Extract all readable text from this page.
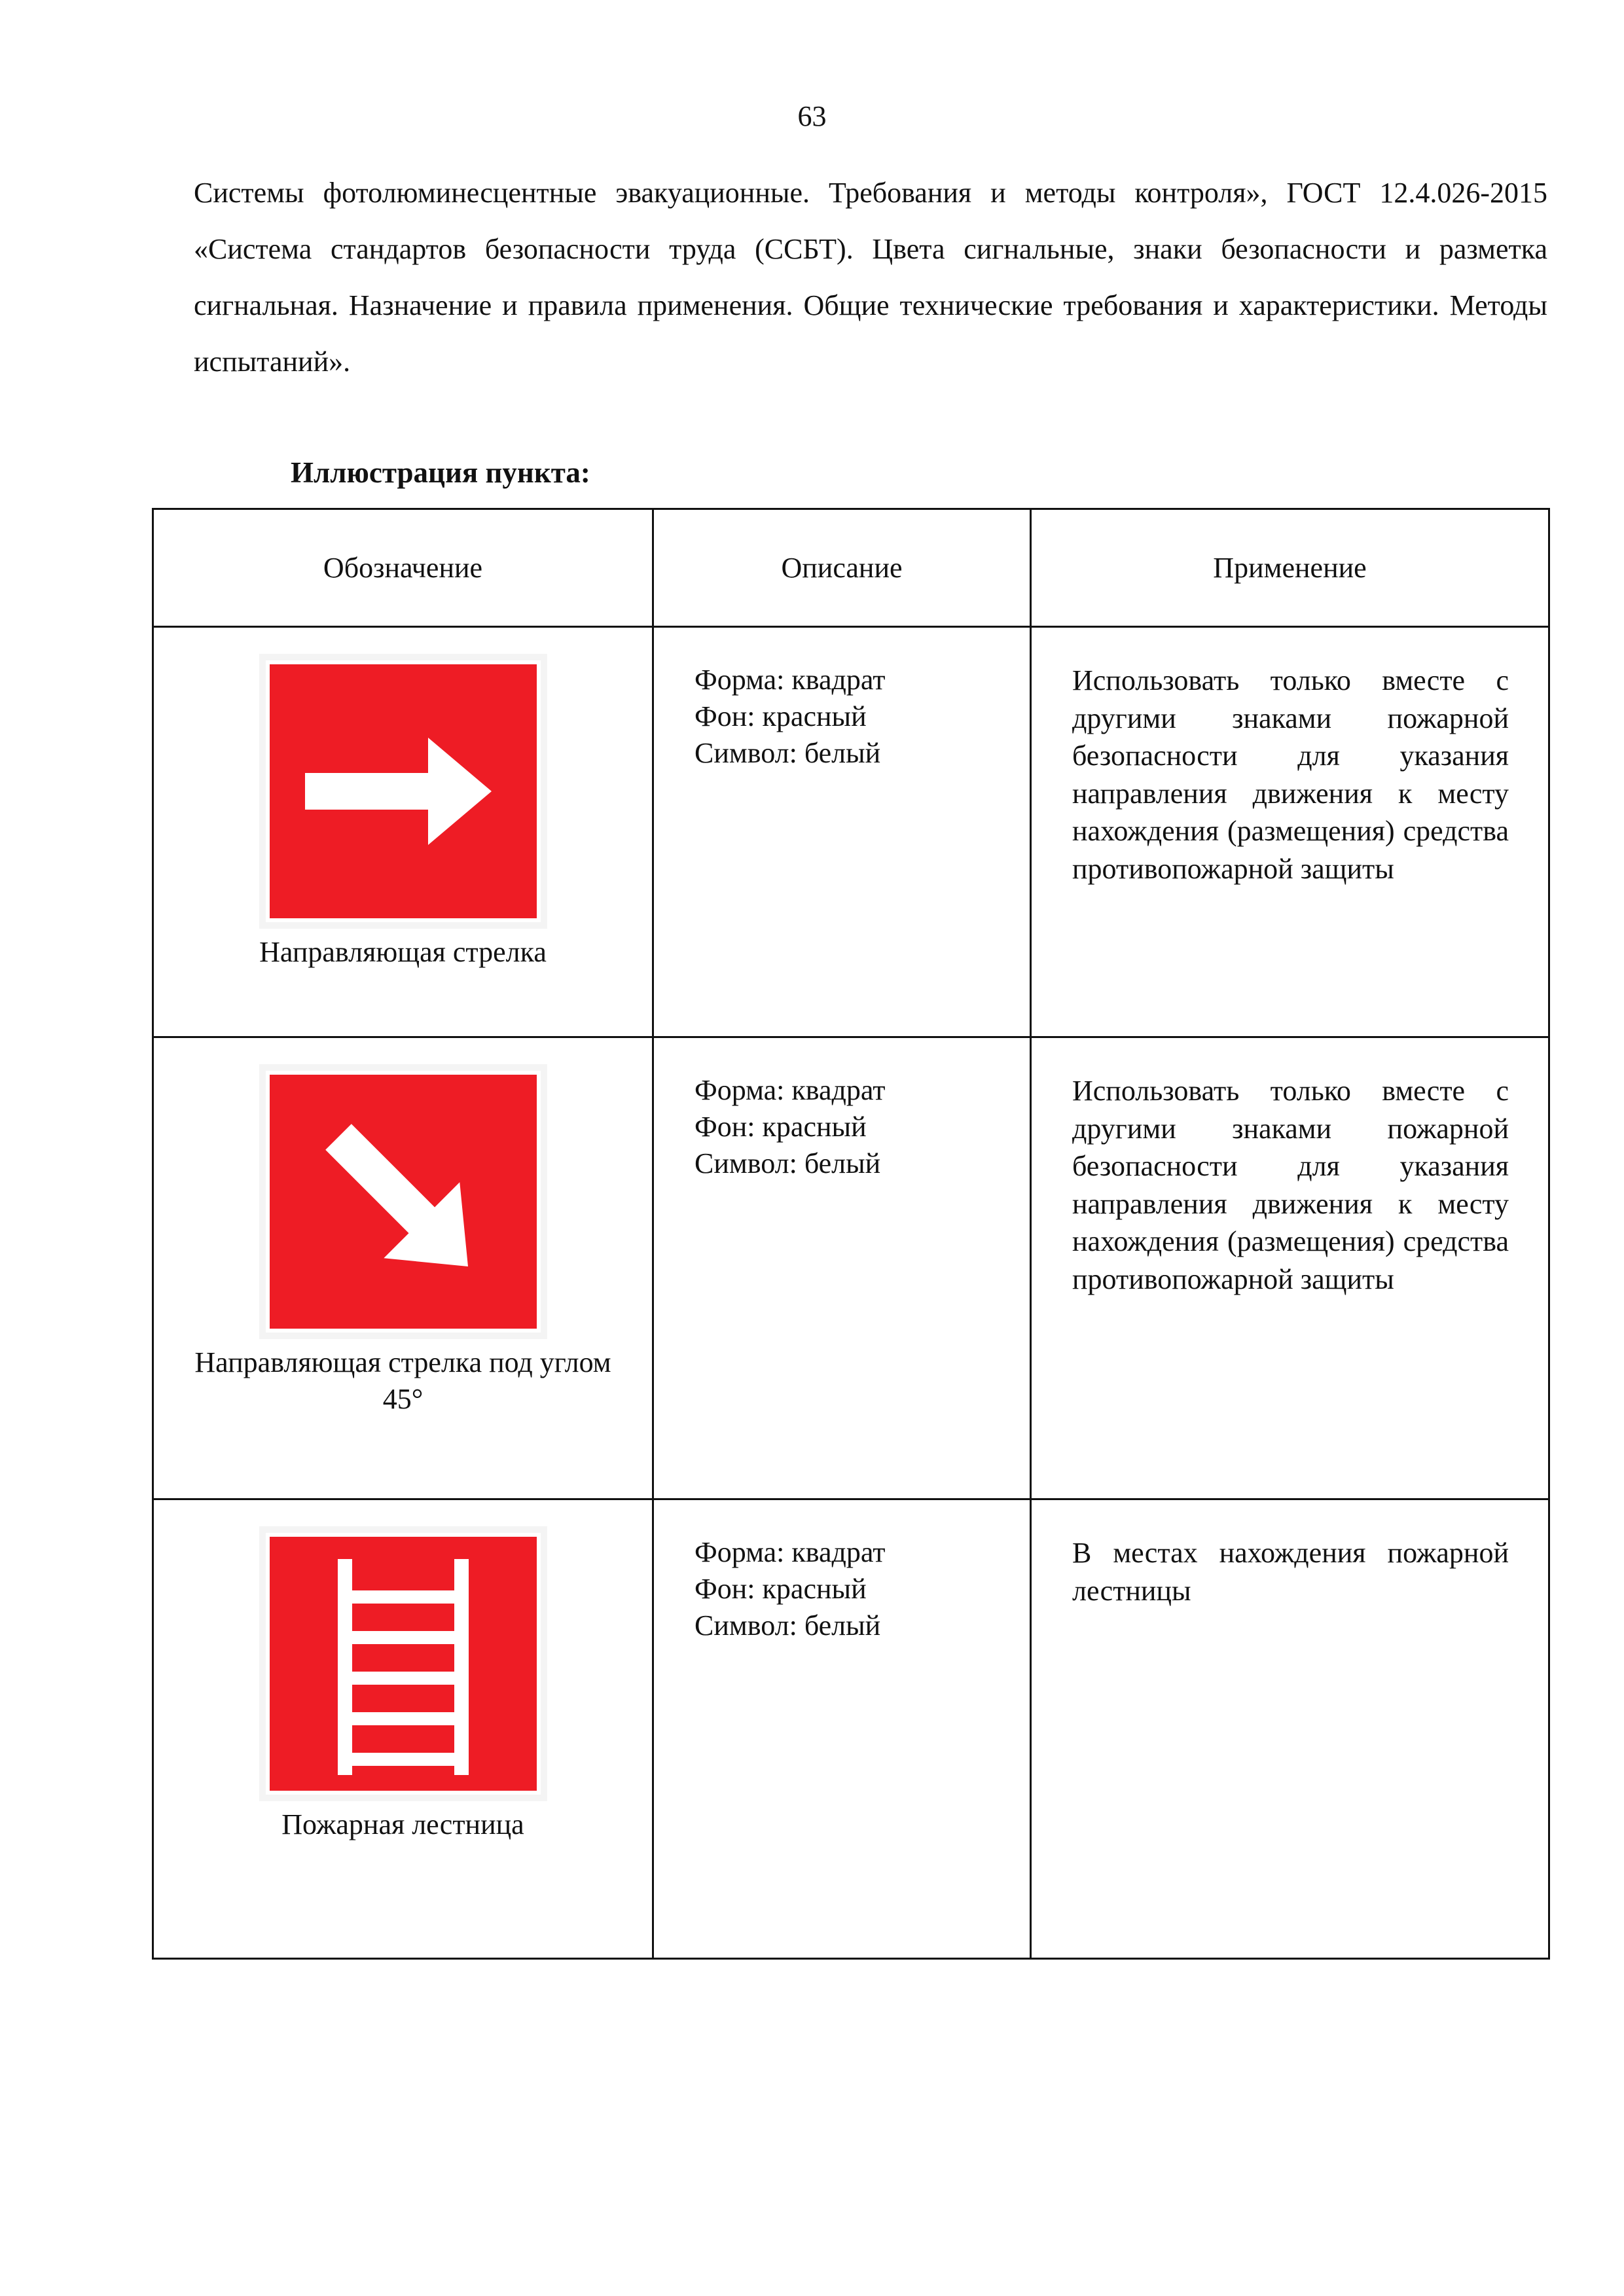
63

Системы фотолюминесцентные эвакуационные. Требования и методы контроля», ГОСТ 12.4.026-2015 «Система стандартов безопасности труда (ССБТ). Цвета сигнальные, знаки безопасности и разметка сигнальная. Назначение и правила применения. Общие технические требования и характеристики. Методы испытаний».

Иллюстрация пункта:

Обозначение	Описание	Применение

Направляющая стрелка	Форма: квадрат
Фон: красный
Символ: белый	Использовать только вместе с другими знаками пожарной безопасности для указания направления движения к месту нахождения (размещения) средства противопожарной защиты

Направляющая стрелка под углом 45°	Форма: квадрат
Фон: красный
Символ: белый	Использовать только вместе с другими знаками пожарной безопасности для указания направления движения к месту нахождения (размещения) средства противопожарной защиты

Пожарная лестница	Форма: квадрат
Фон: красный
Символ: белый	В местах нахождения пожарной лестницы
